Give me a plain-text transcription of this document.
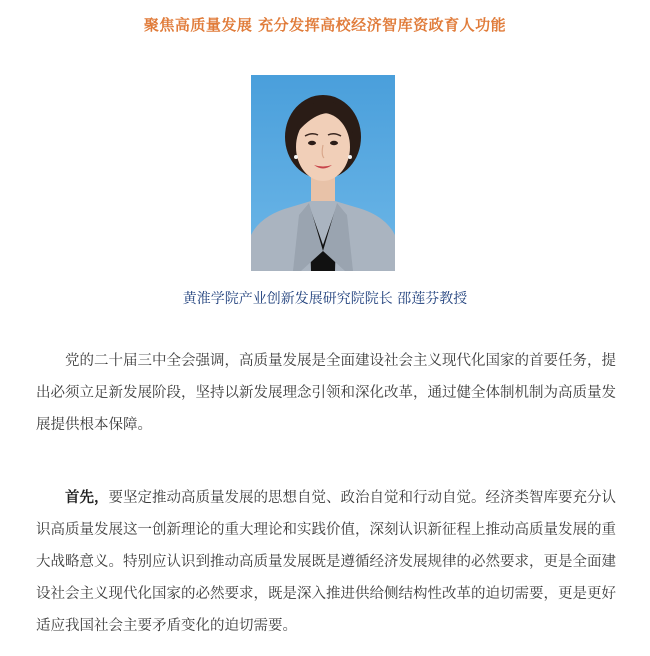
聚焦高质量发展 充分发挥高校经济智库资政育人功能
黄淮学院产业创新发展研究院院长 邵莲芬教授

党的二十届三中全会强调，高质量发展是全面建设社会主义现代化国家的首要任务，提出必须立足新发展阶段，坚持以新发展理念引领和深化改革，通过健全体制机制为高质量发展提供根本保障。

首先，要坚定推动高质量发展的思想自觉、政治自觉和行动自觉。经济类智库要充分认识高质量发展这一创新理论的重大理论和实践价值，深刻认识新征程上推动高质量发展的重大战略意义。特别应认识到推动高质量发展既是遵循经济发展规律的必然要求，更是全面建设社会主义现代化国家的必然要求，既是深入推进供给侧结构性改革的迫切需要，更是更好适应我国社会主要矛盾变化的迫切需要。
